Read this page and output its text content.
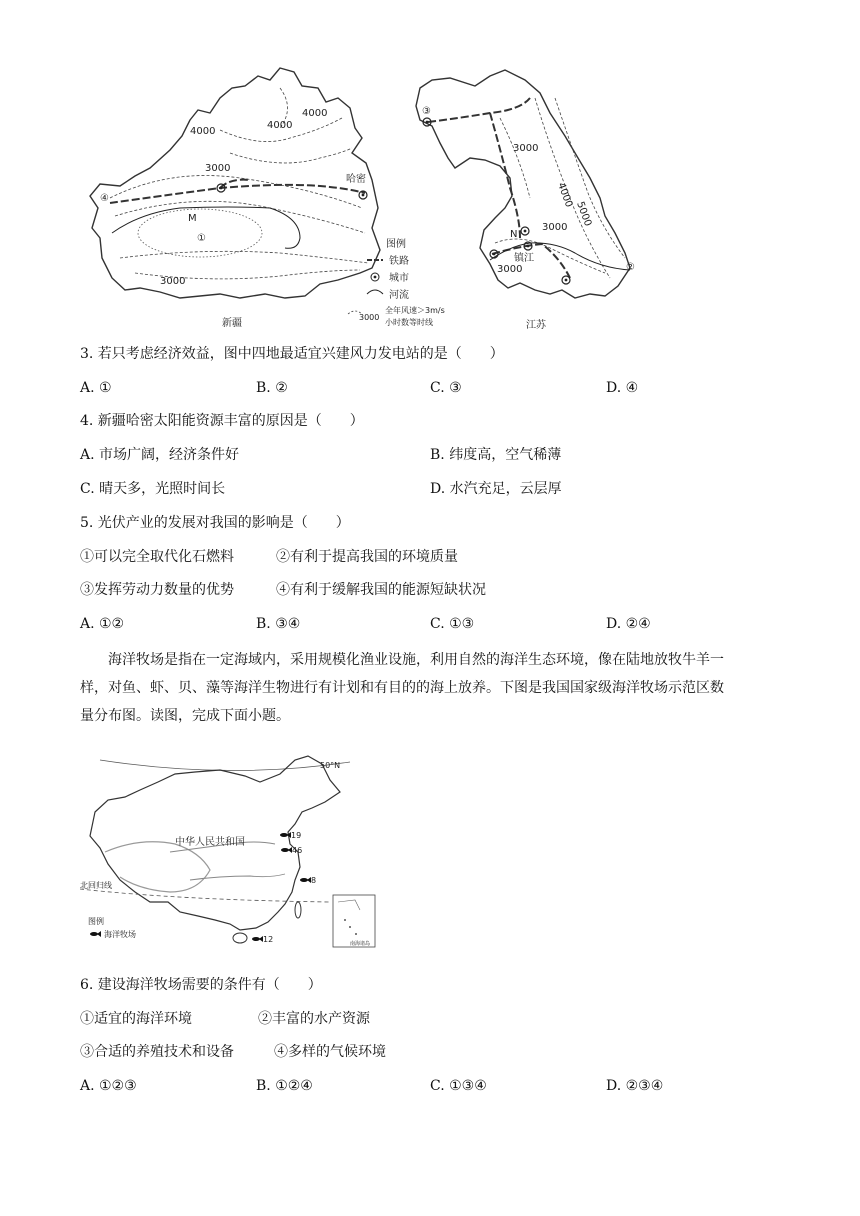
4000
4000
3000
3000
4000
哈密
M
①
④
新疆
图例
铁路
城市
河流
3000
全年风速＞3m/s
小时数等时线
③
3000
3000
3000
4000
5000
N
镇江
②
江苏
3. 若只考虑经济效益，图中四地最适宜兴建风力发电站的是（　　）
A. ①	B. ②	C. ③	D. ④
4. 新疆哈密太阳能资源丰富的原因是（　　）
A. 市场广阔，经济条件好	B. 纬度高，空气稀薄
C. 晴天多，光照时间长	D. 水汽充足，云层厚
5. 光伏产业的发展对我国的影响是（　　）
①可以完全取代化石燃料	②有利于提高我国的环境质量
③发挥劳动力数量的优势	④有利于缓解我国的能源短缺状况
A. ①②	B. ③④	C. ①③	D. ②④
海洋牧场是指在一定海域内，采用规模化渔业设施，利用自然的海洋生态环境，像在陆地放牧牛羊一
样，对鱼、虾、贝、藻等海洋生物进行有计划和有目的的海上放养。下图是我国国家级海洋牧场示范区数
量分布图。读图，完成下面小题。
南海诸岛
19
46
8
12
50°N
中华人民共和国
北回归线
图例
海洋牧场
6. 建设海洋牧场需要的条件有（　　）
①适宜的海洋环境	②丰富的水产资源
③合适的养殖技术和设备	④多样的气候环境
A. ①②③	B. ①②④	C. ①③④	D. ②③④
